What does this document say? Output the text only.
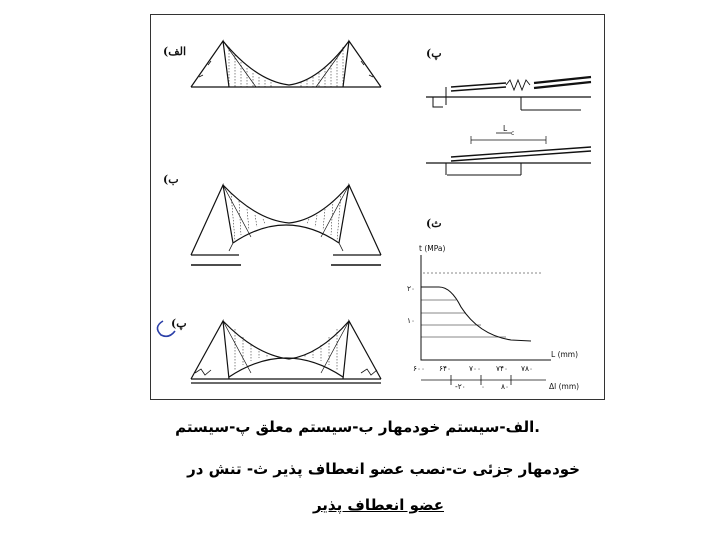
۲۰
۱۰
۶۰۰ ۶۴۰ ۷۰۰ ۷۴۰ ۷۸۰
-۲۰ ۰ ۸۰
t (MPa)
L (mm)
Δl (mm)
L
c
الف)
ب)
پ)
پ)
ث)
.الف-سیستم خودمهار ب-سیستم معلق پ-سیستم
خودمهار جزئی ت-نصب عضو انعطاف پذیر ث- تنش در
عضو انعطاف پذیر
